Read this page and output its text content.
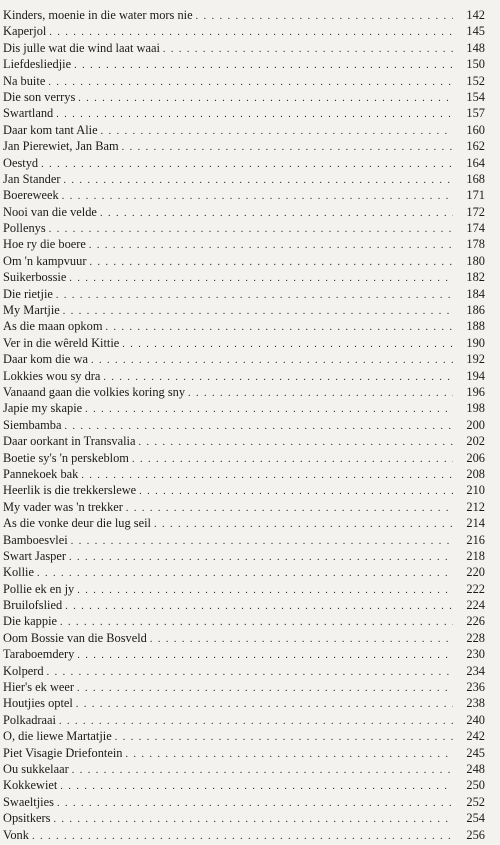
Kinders, moenie in die water mors nie . . .	142
Kaperjol . . .	145
Dis julle wat die wind laat waai . . .	148
Liefdesliedjie . . .	150
Na buite . . .	152
Die son verrys . . .	154
Swartland . . .	157
Daar kom tant Alie . . .	160
Jan Pierewiet, Jan Bam . . .	162
Oestyd . . .	164
Jan Stander . . .	168
Boereweek . . .	171
Nooi van die velde . . .	172
Pollenys . . .	174
Hoe ry die boere . . .	178
Om 'n kampvuur . . .	180
Suikerbossie . . .	182
Die rietjie . . .	184
My Martjie . . .	186
As die maan opkom . . .	188
Ver in die wêreld Kittie . . .	190
Daar kom die wa . . .	192
Lokkies wou sy dra . . .	194
Vanaand gaan die volkies koring sny . . .	196
Japie my skapie . . .	198
Siembamba . . .	200
Daar oorkant in Transvalia . . .	202
Boetie sy's 'n perskeblom . . .	206
Pannekoek bak . . .	208
Heerlik is die trekkerslewe . . .	210
My vader was 'n trekker . . .	212
As die vonke deur die lug seil . . .	214
Bamboesvlei . . .	216
Swart Jasper . . .	218
Kollie . . .	220
Pollie ek en jy . . .	222
Bruilofslied . . .	224
Die kappie . . .	226
Oom Bossie van die Bosveld . . .	228
Taraboemdery . . .	230
Kolperd . . .	234
Hier's ek weer . . .	236
Houtjies optel . . .	238
Polkadraai . . .	240
O, die liewe Martatjie . . .	242
Piet Visagie Driefontein . . .	245
Ou sukkelaar . . .	248
Kokkewiet . . .	250
Swaeltjies . . .	252
Opsitkers . . .	254
Vonk . . .	256
